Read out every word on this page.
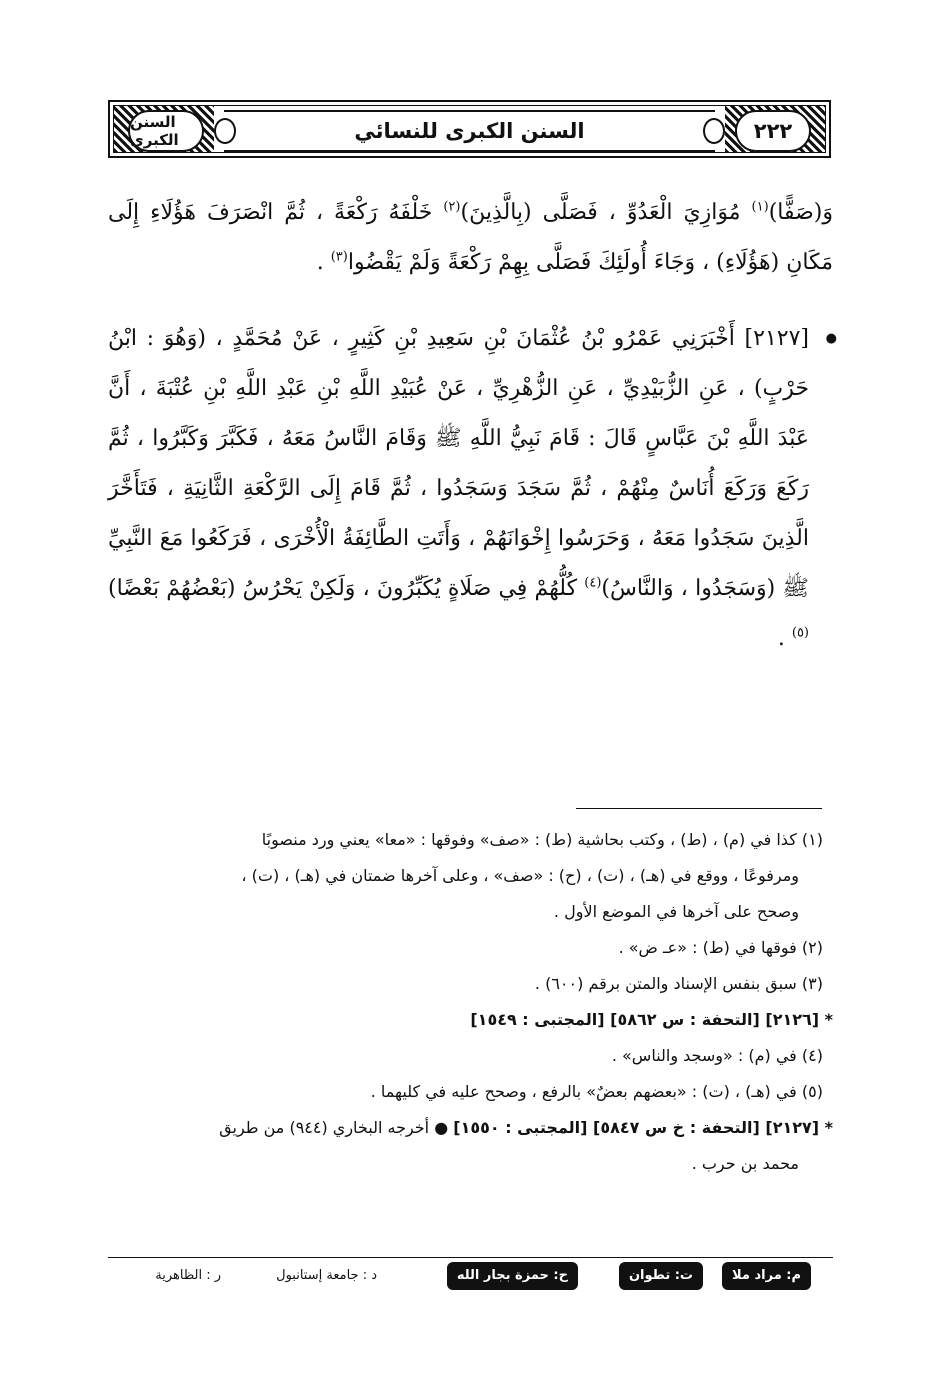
السنن الكبرى	٢٢٢
السنن الكبرى للنسائي

وَ(صَفًّا)$^{(١)}$ مُوَازِيَ الْعَدُوِّ ، فَصَلَّى (بِالَّذِينَ)$^{(٢)}$ خَلْفَهُ رَكْعَةً ، ثُمَّ انْصَرَفَ هَؤُلَاءِ إِلَى مَكَانِ (هَؤُلَاءِ) ، وَجَاءَ أُولَئِكَ فَصَلَّى بِهِمْ رَكْعَةً وَلَمْ يَقْضُوا$^{(٣)}$ .

● [٢١٢٧] أَخْبَرَنِي عَمْرُو بْنُ عُثْمَانَ بْنِ سَعِيدِ بْنِ كَثِيرٍ ، عَنْ مُحَمَّدٍ ، (وَهُوَ : ابْنُ حَرْبٍ) ، عَنِ الزُّبَيْدِيِّ ، عَنِ الزُّهْرِيِّ ، عَنْ عُبَيْدِ اللَّهِ بْنِ عَبْدِ اللَّهِ بْنِ عُتْبَةَ ، أَنَّ عَبْدَ اللَّهِ بْنَ عَبَّاسٍ قَالَ : قَامَ نَبِيُّ اللَّهِ ﷺ وَقَامَ النَّاسُ مَعَهُ ، فَكَبَّرَ وَكَبَّرُوا ، ثُمَّ رَكَعَ وَرَكَعَ أُنَاسٌ مِنْهُمْ ، ثُمَّ سَجَدَ وَسَجَدُوا ، ثُمَّ قَامَ إِلَى الرَّكْعَةِ الثَّانِيَةِ ، فَتَأَخَّرَ الَّذِينَ سَجَدُوا مَعَهُ ، وَحَرَسُوا إِخْوَانَهُمْ ، وَأَتَتِ الطَّائِفَةُ الْأُخْرَى ، فَرَكَعُوا مَعَ النَّبِيِّ ﷺ (وَسَجَدُوا ، وَالنَّاسُ)$^{(٤)}$ كُلُّهُمْ فِي صَلَاةٍ يُكَبِّرُونَ ، وَلَكِنْ يَحْرُسُ (بَعْضُهُمْ بَعْضًا)$^{(٥)}$ .

(١) كذا في (م) ، (ط) ، وكتب بحاشية (ط) : «صف» وفوقها : «معا» يعني ورد منصوبًا

ومرفوعًا ، ووقع في (هـ) ، (ت) ، (ح) : «صف» ، وعلى آخرها ضمتان في (هـ) ، (ت) ،

وصحح على آخرها في الموضع الأول .

(٢) فوقها في (ط) : «عـ ض» .

(٣) سبق بنفس الإسناد والمتن برقم (٦٠٠) .

* [٢١٢٦] [التحفة : س ٥٨٦٢] [المجتبى : ١٥٤٩]

(٤) في (م) : «وسجد والناس» .

(٥) في (هـ) ، (ت) : «بعضهم بعضٌ» بالرفع ، وصحح عليه في كليهما .

* [٢١٢٧] [التحفة : خ س ٥٨٤٧] [المجتبى : ١٥٥٠] ● أخرجه البخاري (٩٤٤) من طريق

محمد بن حرب .

م: مراد ملا
ت: تطوان
ح: حمزة بجار الله
د : جامعة إستانبول
ر : الظاهرية
